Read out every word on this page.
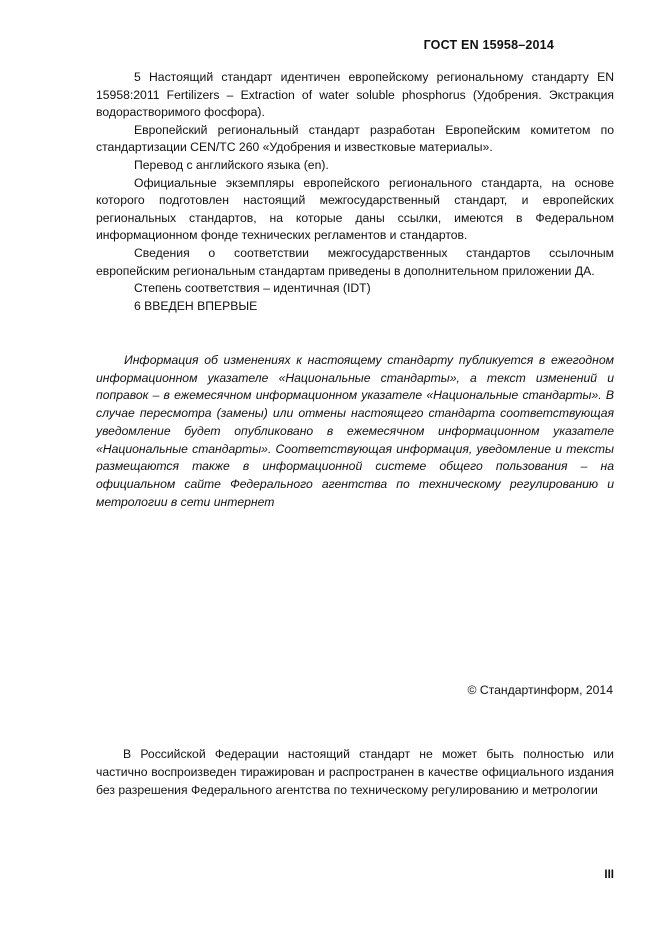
ГОСТ EN 15958–2014

5 Настоящий стандарт идентичен европейскому региональному стандарту EN 15958:2011 Fertilizers – Extraction of water soluble phosphorus (Удобрения. Экстракция водорастворимого фосфора).

Европейский региональный стандарт разработан Европейским комитетом по стандартизации CEN/TC 260 «Удобрения и известковые материалы».

Перевод с английского языка (en).

Официальные экземпляры европейского регионального стандарта, на основе которого подготовлен настоящий межгосударственный стандарт, и европейских региональных стандартов, на которые даны ссылки, имеются в Федеральном информационном фонде технических регламентов и стандартов.

Сведения о соответствии межгосударственных стандартов ссылочным европейским региональным стандартам приведены в дополнительном приложении ДА.

Степень соответствия – идентичная (IDT)

6 ВВЕДЕН ВПЕРВЫЕ

Информация об изменениях к настоящему стандарту публикуется в ежегодном информационном указателе «Национальные стандарты», а текст изменений и поправок – в ежемесячном информационном указателе «Национальные стандарты». В случае пересмотра (замены) или отмены настоящего стандарта соответствующая уведомление будет опубликовано в ежемесячном информационном указателе «Национальные стандарты». Соответствующая информация, уведомление и тексты размещаются также в информационной системе общего пользования – на официальном сайте Федерального агентства по техническому регулированию и метрологии в сети интернет

© Стандартинформ, 2014

В Российской Федерации настоящий стандарт не может быть полностью или частично воспроизведен тиражирован и распространен в качестве официального издания без разрешения Федерального агентства по техническому регулированию и метрологии

III
